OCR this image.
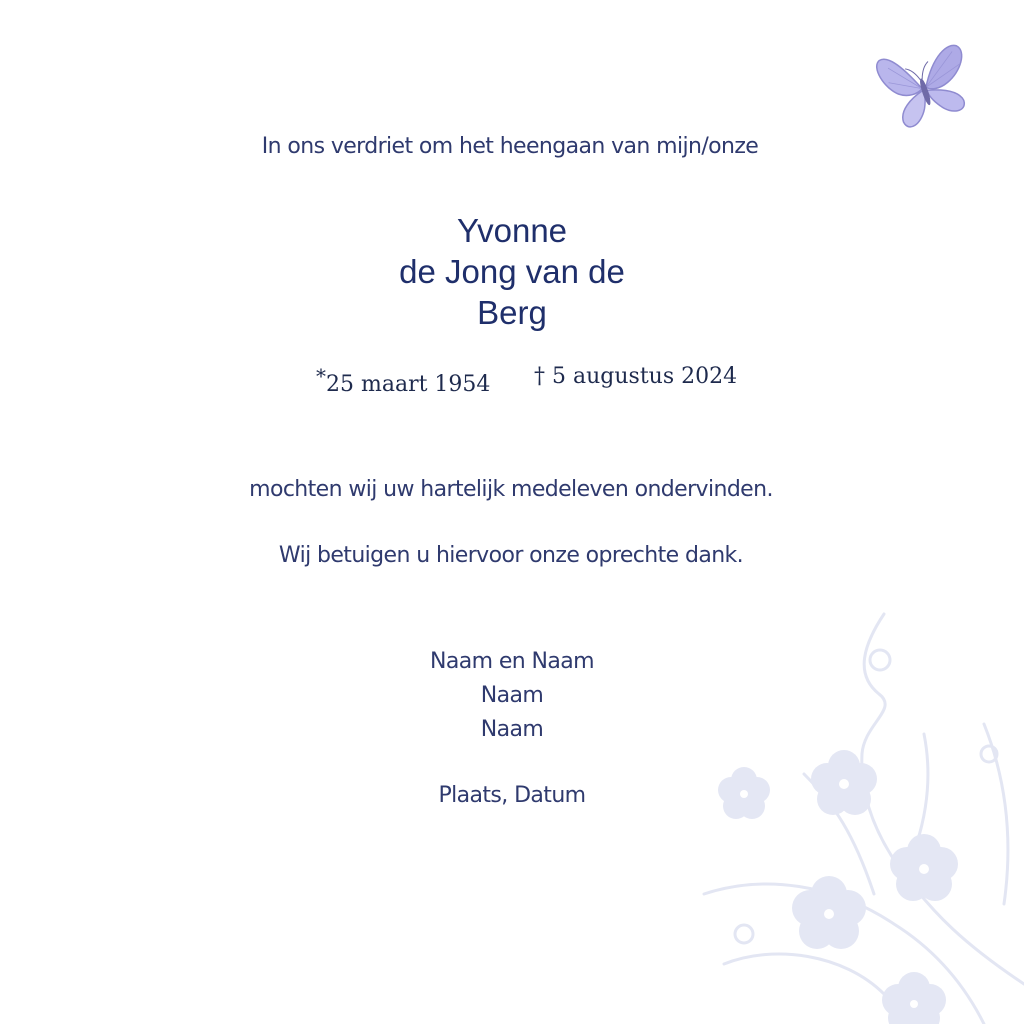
In ons verdriet om het heengaan van mijn/onze
Yvonne
de Jong van de
Berg
*25 maart 1954 † 5 augustus 2024
mochten wij uw hartelijk medeleven ondervinden.
Wij betuigen u hiervoor onze oprechte dank.
Naam en Naam
Naam
Naam
Plaats, Datum
